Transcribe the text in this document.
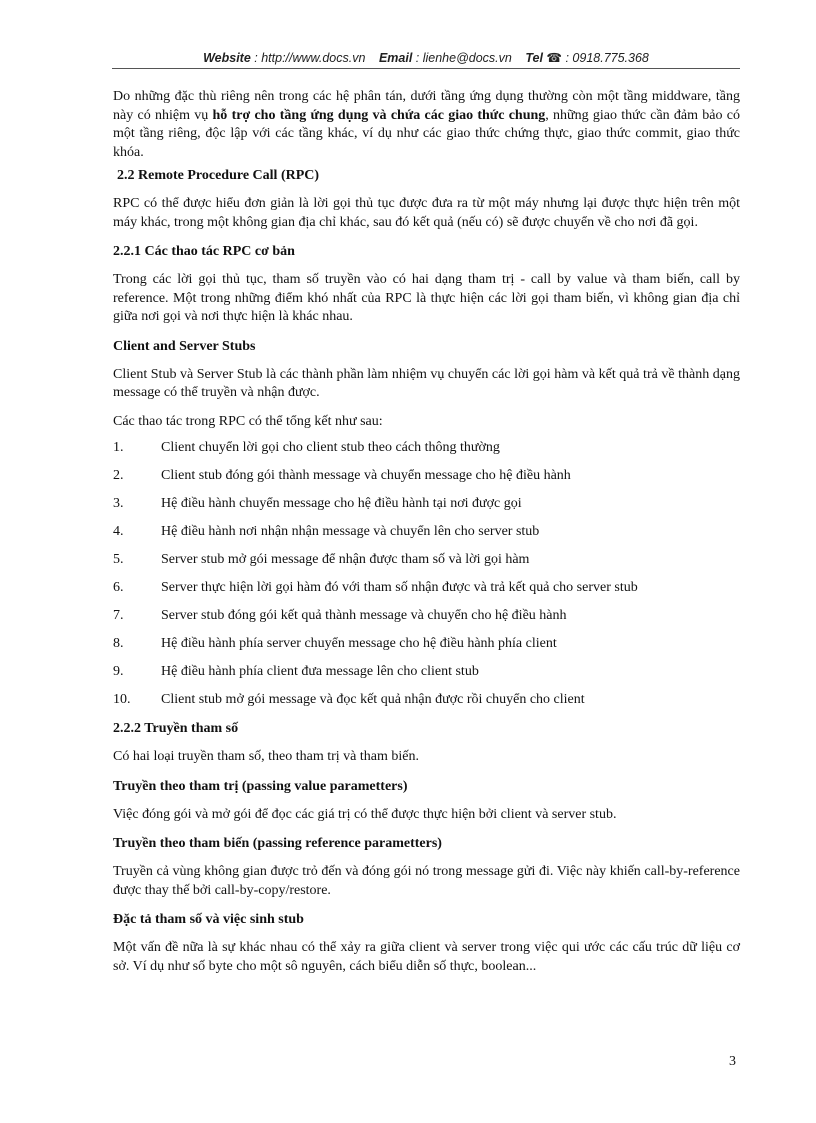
Website : http://www.docs.vn Email : lienhe@docs.vn Tel ☎ : 0918.775.368

Do những đặc thù riêng nên trong các hệ phân tán, dưới tầng ứng dụng thường còn một tầng middware, tầng này có nhiệm vụ hỗ trợ cho tầng ứng dụng và chứa các giao thức chung, những giao thức cần đảm bảo có một tầng riêng, độc lập với các tầng khác, ví dụ như các giao thức chứng thực, giao thức commit, giao thức khóa.

2.2 Remote Procedure Call (RPC)

RPC có thể được hiểu đơn giản là lời gọi thủ tục được đưa ra từ một máy nhưng lại được thực hiện trên một máy khác, trong một không gian địa chỉ khác, sau đó kết quả (nếu có) sẽ được chuyển về cho nơi đã gọi.

2.2.1 Các thao tác RPC cơ bản

Trong các lời gọi thủ tục, tham số truyền vào có hai dạng tham trị - call by value và tham biến, call by reference. Một trong những điểm khó nhất của RPC là thực hiện các lời gọi tham biến, vì không gian địa chỉ giữa nơi gọi và nơi thực hiện là khác nhau.

Client and Server Stubs

Client Stub và Server Stub là các thành phần làm nhiệm vụ chuyển các lời gọi hàm và kết quả trả về thành dạng message có thể truyền và nhận được.

Các thao tác trong RPC có thể tổng kết như sau:

1.	Client chuyển lời gọi cho client stub theo cách thông thường
2.	Client stub đóng gói thành message và chuyển message cho hệ điều hành
3.	Hệ điều hành chuyển message cho hệ điều hành tại nơi được gọi
4.	Hệ điều hành nơi nhận nhận message và chuyển lên cho server stub
5.	Server stub mở gói message để nhận được tham số và lời gọi hàm
6.	Server thực hiện lời gọi hàm đó với tham số nhận được và trả kết quả cho server stub
7.	Server stub đóng gói kết quả thành message và chuyển cho hệ điều hành
8.	Hệ điều hành phía server chuyển message cho hệ điều hành phía client
9.	Hệ điều hành phía client đưa message lên cho client stub
10.	Client stub mở gói message và đọc kết quả nhận được rồi chuyển cho client
2.2.2 Truyền tham số

Có hai loại truyền tham số, theo tham trị và tham biến.

Truyền theo tham trị (passing value parametters)

Việc đóng gói và mở gói để đọc các giá trị có thể được thực hiện bởi client và server stub.

Truyền theo tham biến (passing reference parametters)

Truyền cả vùng không gian được trỏ đến và đóng gói nó trong message gửi đi. Việc này khiến call-by-reference được thay thế bởi call-by-copy/restore.

Đặc tả tham số và việc sinh stub

Một vấn đề nữa là sự khác nhau có thể xảy ra giữa client và server trong việc qui ước các cấu trúc dữ liệu cơ sở. Ví dụ như số byte cho một sô nguyên, cách biểu diễn số thực, boolean...

3
